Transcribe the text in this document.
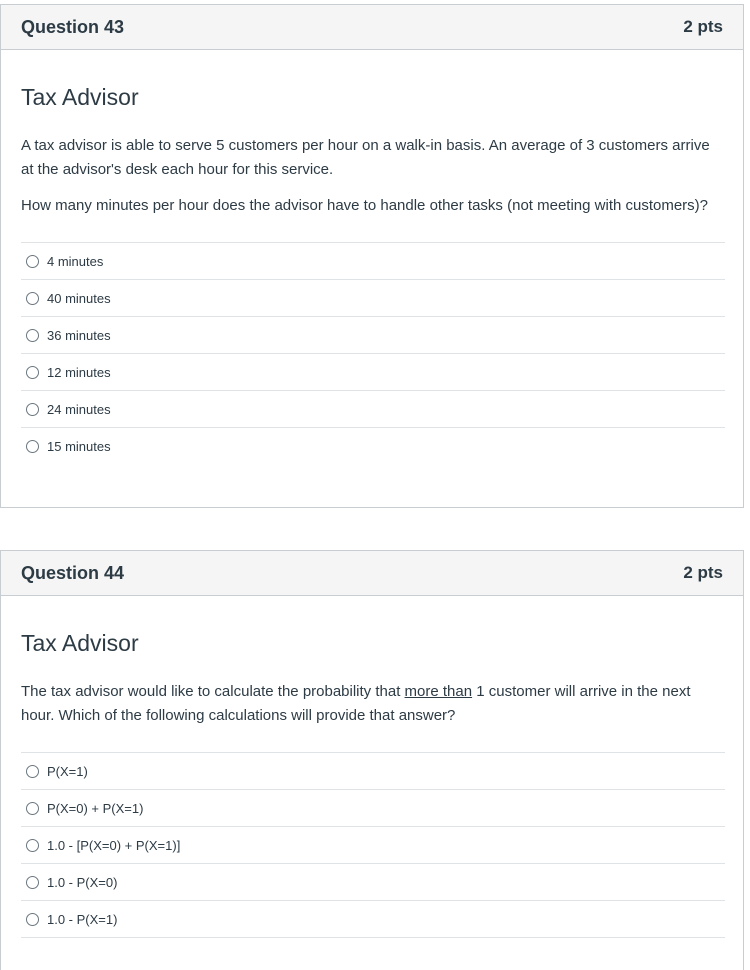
Question 43	2 pts
Tax Advisor

A tax advisor is able to serve 5 customers per hour on a walk-in basis. An average of 3 customers arrive at the advisor's desk each hour for this service.

How many minutes per hour does the advisor have to handle other tasks (not meeting with customers)?

4 minutes
40 minutes
36 minutes
12 minutes
24 minutes
15 minutes
Question 44	2 pts
Tax Advisor

The tax advisor would like to calculate the probability that more than 1 customer will arrive in the next hour. Which of the following calculations will provide that answer?

P(X=1)
P(X=0) + P(X=1)
1.0 - [P(X=0) + P(X=1)]
1.0 - P(X=0)
1.0 - P(X=1)
